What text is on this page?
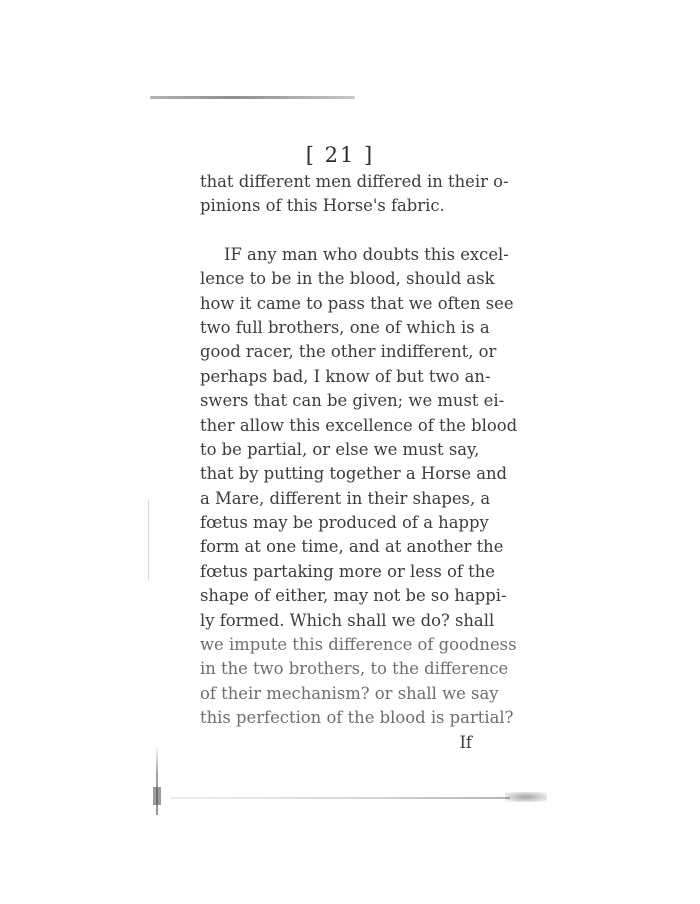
[ 21 ]
that different men differed in their o-
pinions of this Horse's fabric.
IF any man who doubts this excel-
lence to be in the blood, should ask
how it came to pass that we often see
two full brothers, one of which is a
good racer, the other indifferent, or
perhaps bad, I know of but two an-
swers that can be given; we must ei-
ther allow this excellence of the blood
to be partial, or else we must say,
that by putting together a Horse and
a Mare, different in their shapes, a
fœtus may be produced of a happy
form at one time, and at another the
fœtus partaking more or less of the
shape of either, may not be so happi-
ly formed. Which shall we do? shall
we impute this difference of goodness
in the two brothers, to the difference
of their mechanism? or shall we say
this perfection of the blood is partial?
If
